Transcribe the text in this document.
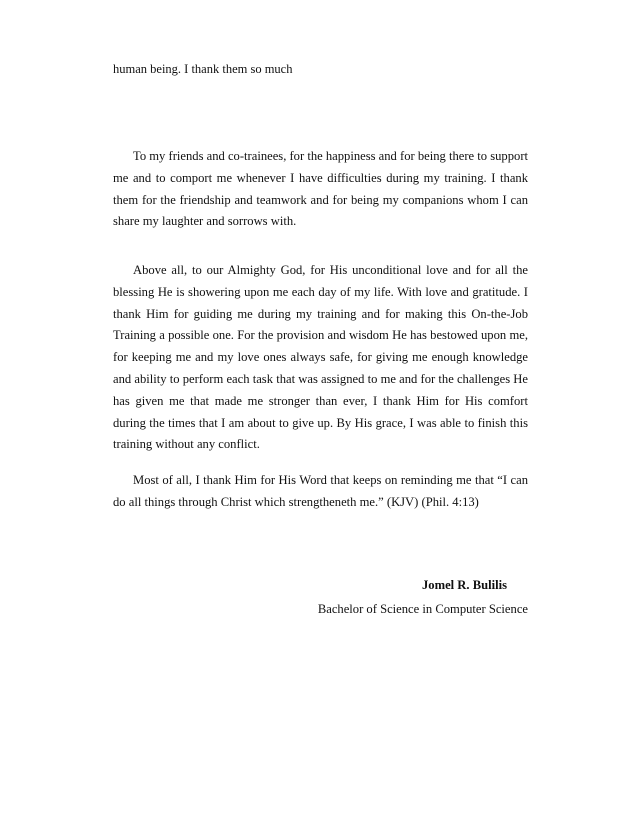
human being. I thank them so much

To my friends and co-trainees, for the happiness and for being there to support me and to comport me whenever I have difficulties during my training. I thank them for the friendship and teamwork and for being my companions whom I can share my laughter and sorrows with.

Above all, to our Almighty God, for His unconditional love and for all the blessing He is showering upon me each day of my life. With love and gratitude. I thank Him for guiding me during my training and for making this On-the-Job Training a possible one. For the provision and wisdom He has bestowed upon me, for keeping me and my love ones always safe, for giving me enough knowledge and ability to perform each task that was assigned to me and for the challenges He has given me that made me stronger than ever, I thank Him for His comfort during the times that I am about to give up. By His grace, I was able to finish this training without any conflict.

Most of all, I thank Him for His Word that keeps on reminding me that “I can do all things through Christ which strengtheneth me.” (KJV) (Phil. 4:13)

Jomel R. Bulilis
Bachelor of Science in Computer Science
